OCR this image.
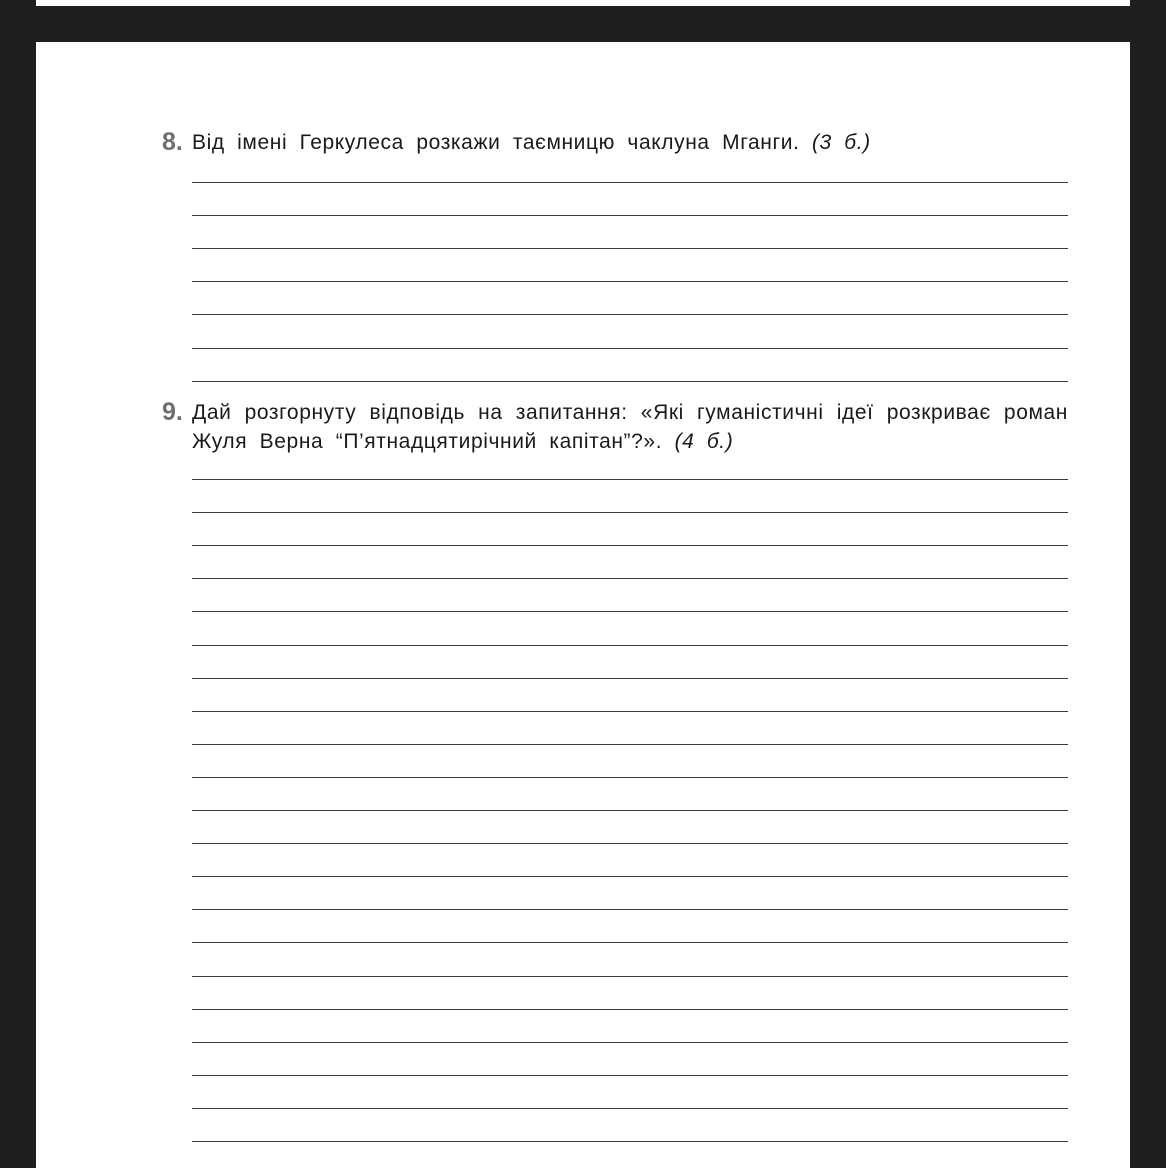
8. Від імені Геркулеса розкажи таємницю чаклуна Мганги. (3 б.)
9. Дай розгорнуту відповідь на запитання: «Які гуманістичні ідеї розкриває роман Жуля Верна “П’ятнадцятирічний капітан”?». (4 б.)
